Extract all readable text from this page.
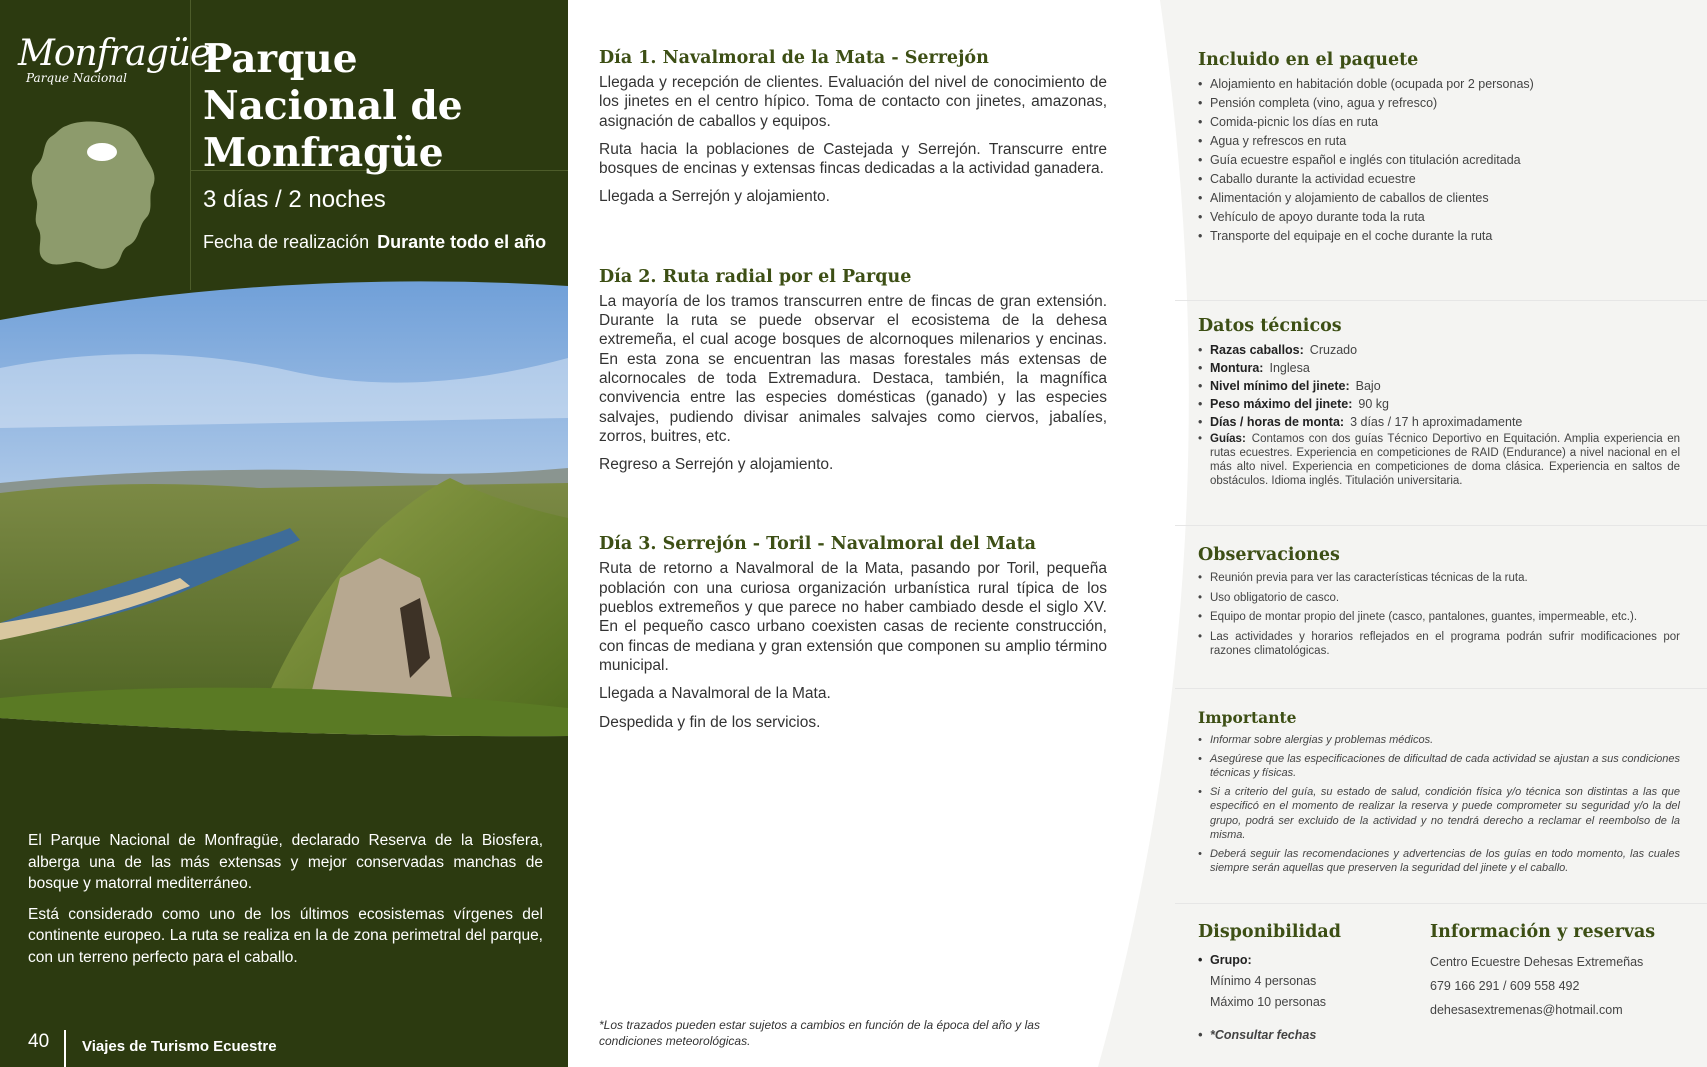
Monfragüe
Parque Nacional	Parque Nacional de Monfragüe
3 días / 2 noches
Fecha de realización Durante todo el año

El Parque Nacional de Monfragüe, declarado Reserva de la Biosfera, alberga una de las más extensas y mejor conservadas manchas de bosque y matorral mediterráneo.

Está considerado como uno de los últimos ecosistemas vírgenes del continente europeo. La ruta se realiza en la de zona perimetral del parque, con un terreno perfecto para el caballo.

40 Viajes de Turismo Ecuestre
Día 1. Navalmoral de la Mata - Serrejón

Llegada y recepción de clientes. Evaluación del nivel de conocimiento de los jinetes en el centro hípico. Toma de contacto con jinetes, amazonas, asignación de caballos y equipos.

Ruta hacia la poblaciones de Castejada y Serrejón. Transcurre entre bosques de encinas y extensas fincas dedicadas a la actividad ganadera.

Llegada a Serrejón y alojamiento.

Día 2. Ruta radial por el Parque

La mayoría de los tramos transcurren entre de fincas de gran extensión. Durante la ruta se puede observar el ecosistema de la dehesa extremeña, el cual acoge bosques de alcornoques milenarios y encinas. En esta zona se encuentran las masas forestales más extensas de alcornocales de toda Extremadura. Destaca, también, la magnífica convivencia entre las especies domésticas (ganado) y las especies salvajes, pudiendo divisar animales salvajes como ciervos, jabalíes, zorros, buitres, etc.

Regreso a Serrejón y alojamiento.

Día 3. Serrejón - Toril - Navalmoral del Mata

Ruta de retorno a Navalmoral de la Mata, pasando por Toril, pequeña población con una curiosa organización urbanística rural típica de los pueblos extremeños y que parece no haber cambiado desde el siglo XV. En el pequeño casco urbano coexisten casas de reciente construcción, con fincas de mediana y gran extensión que componen su amplio término municipal.

Llegada a Navalmoral de la Mata.

Despedida y fin de los servicios.

*Los trazados pueden estar sujetos a cambios en función de la época del año y las condiciones meteorológicas.
Incluido en el paquete
• Alojamiento en habitación doble (ocupada por 2 personas)
• Pensión completa (vino, agua y refresco)
• Comida-picnic los días en ruta
• Agua y refrescos en ruta
• Guía ecuestre español e inglés con titulación acreditada
• Caballo durante la actividad ecuestre
• Alimentación y alojamiento de caballos de clientes
• Vehículo de apoyo durante toda la ruta
• Transporte del equipaje en el coche durante la ruta
Datos técnicos
• Razas caballos: Cruzado
• Montura: Inglesa
• Nivel mínimo del jinete: Bajo
• Peso máximo del jinete: 90 kg
• Días / horas de monta: 3 días / 17 h aproximadamente
• Guías: Contamos con dos guías Técnico Deportivo en Equitación. Amplia experiencia en rutas ecuestres. Experiencia en competiciones de RAID (Endurance) a nivel nacional en el más alto nivel. Experiencia en competiciones de doma clásica. Experiencia en saltos de obstáculos. Idioma inglés. Titulación universitaria.
Observaciones
• Reunión previa para ver las características técnicas de la ruta.
• Uso obligatorio de casco.
• Equipo de montar propio del jinete (casco, pantalones, guantes, impermeable, etc.).
• Las actividades y horarios reflejados en el programa podrán sufrir modificaciones por razones climatológicas.
Importante
• Informar sobre alergias y problemas médicos.
• Asegúrese que las especificaciones de dificultad de cada actividad se ajustan a sus condiciones técnicas y físicas.
• Si a criterio del guía, su estado de salud, condición física y/o técnica son distintas a las que especificó en el momento de realizar la reserva y puede comprometer su seguridad y/o la del grupo, podrá ser excluido de la actividad y no tendrá derecho a reclamar el reembolso de la misma.
• Deberá seguir las recomendaciones y advertencias de los guías en todo momento, las cuales siempre serán aquellas que preserven la seguridad del jinete y el caballo.
Disponibilidad
• Grupo:
Mínimo 4 personas
Máximo 10 personas
• *Consultar fechas
Información y reservas
Centro Ecuestre Dehesas Extremeñas
679 166 291 / 609 558 492
dehesasextremenas@hotmail.com
